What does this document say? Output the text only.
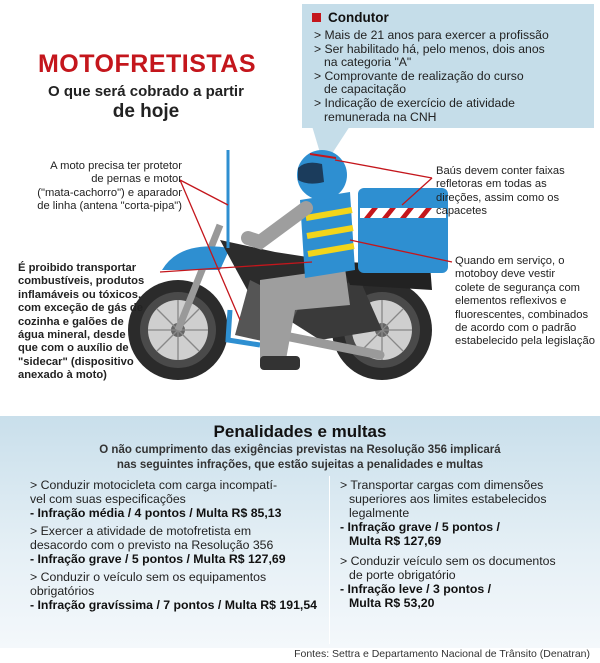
MOTOFRETISTAS
O que será cobrado a partir
de hoje
Condutor
> Mais de 21 anos para exercer a profissão
> Ser habilitado há, pelo menos, dois anos
na categoria "A"
> Comprovante de realização do curso
de capacitação
> Indicação de exercício de atividade
remunerada na CNH
A moto precisa ter protetor
de pernas e motor
("mata-cachorro") e aparador
de linha (antena "corta-pipa")
Baús devem conter faixas
refletoras em todas as
direções, assim como os
capacetes
É proibido transportar
combustíveis, produtos
inflamáveis ou tóxicos,
com exceção de gás de
cozinha e galões de
água mineral, desde
que com o auxílio de
"sidecar" (dispositivo
anexado à moto)
Quando em serviço, o
motoboy deve vestir
colete de segurança com
elementos reflexivos e
fluorescentes, combinados
de acordo com o padrão
estabelecido pela legislação
Penalidades e multas
O não cumprimento das exigências previstas na Resolução 356 implicará
nas seguintes infrações, que estão sujeitas a penalidades e multas
> Conduzir motocicleta com carga incompatí-
vel com suas especificações
- Infração média / 4 pontos / Multa R$ 85,13
> Exercer a atividade de motofretista em
desacordo com o previsto na Resolução 356
- Infração grave / 5 pontos / Multa R$ 127,69
> Conduzir o veículo sem os equipamentos
obrigatórios
- Infração gravíssima / 7 pontos / Multa R$ 191,54
> Transportar cargas com dimensões
superiores aos limites estabelecidos
legalmente
- Infração grave / 5 pontos /
Multa R$ 127,69
> Conduzir veículo sem os documentos
de porte obrigatório
- Infração leve / 3 pontos /
Multa R$ 53,20
Fontes: Settra e Departamento Nacional de Trânsito (Denatran)
